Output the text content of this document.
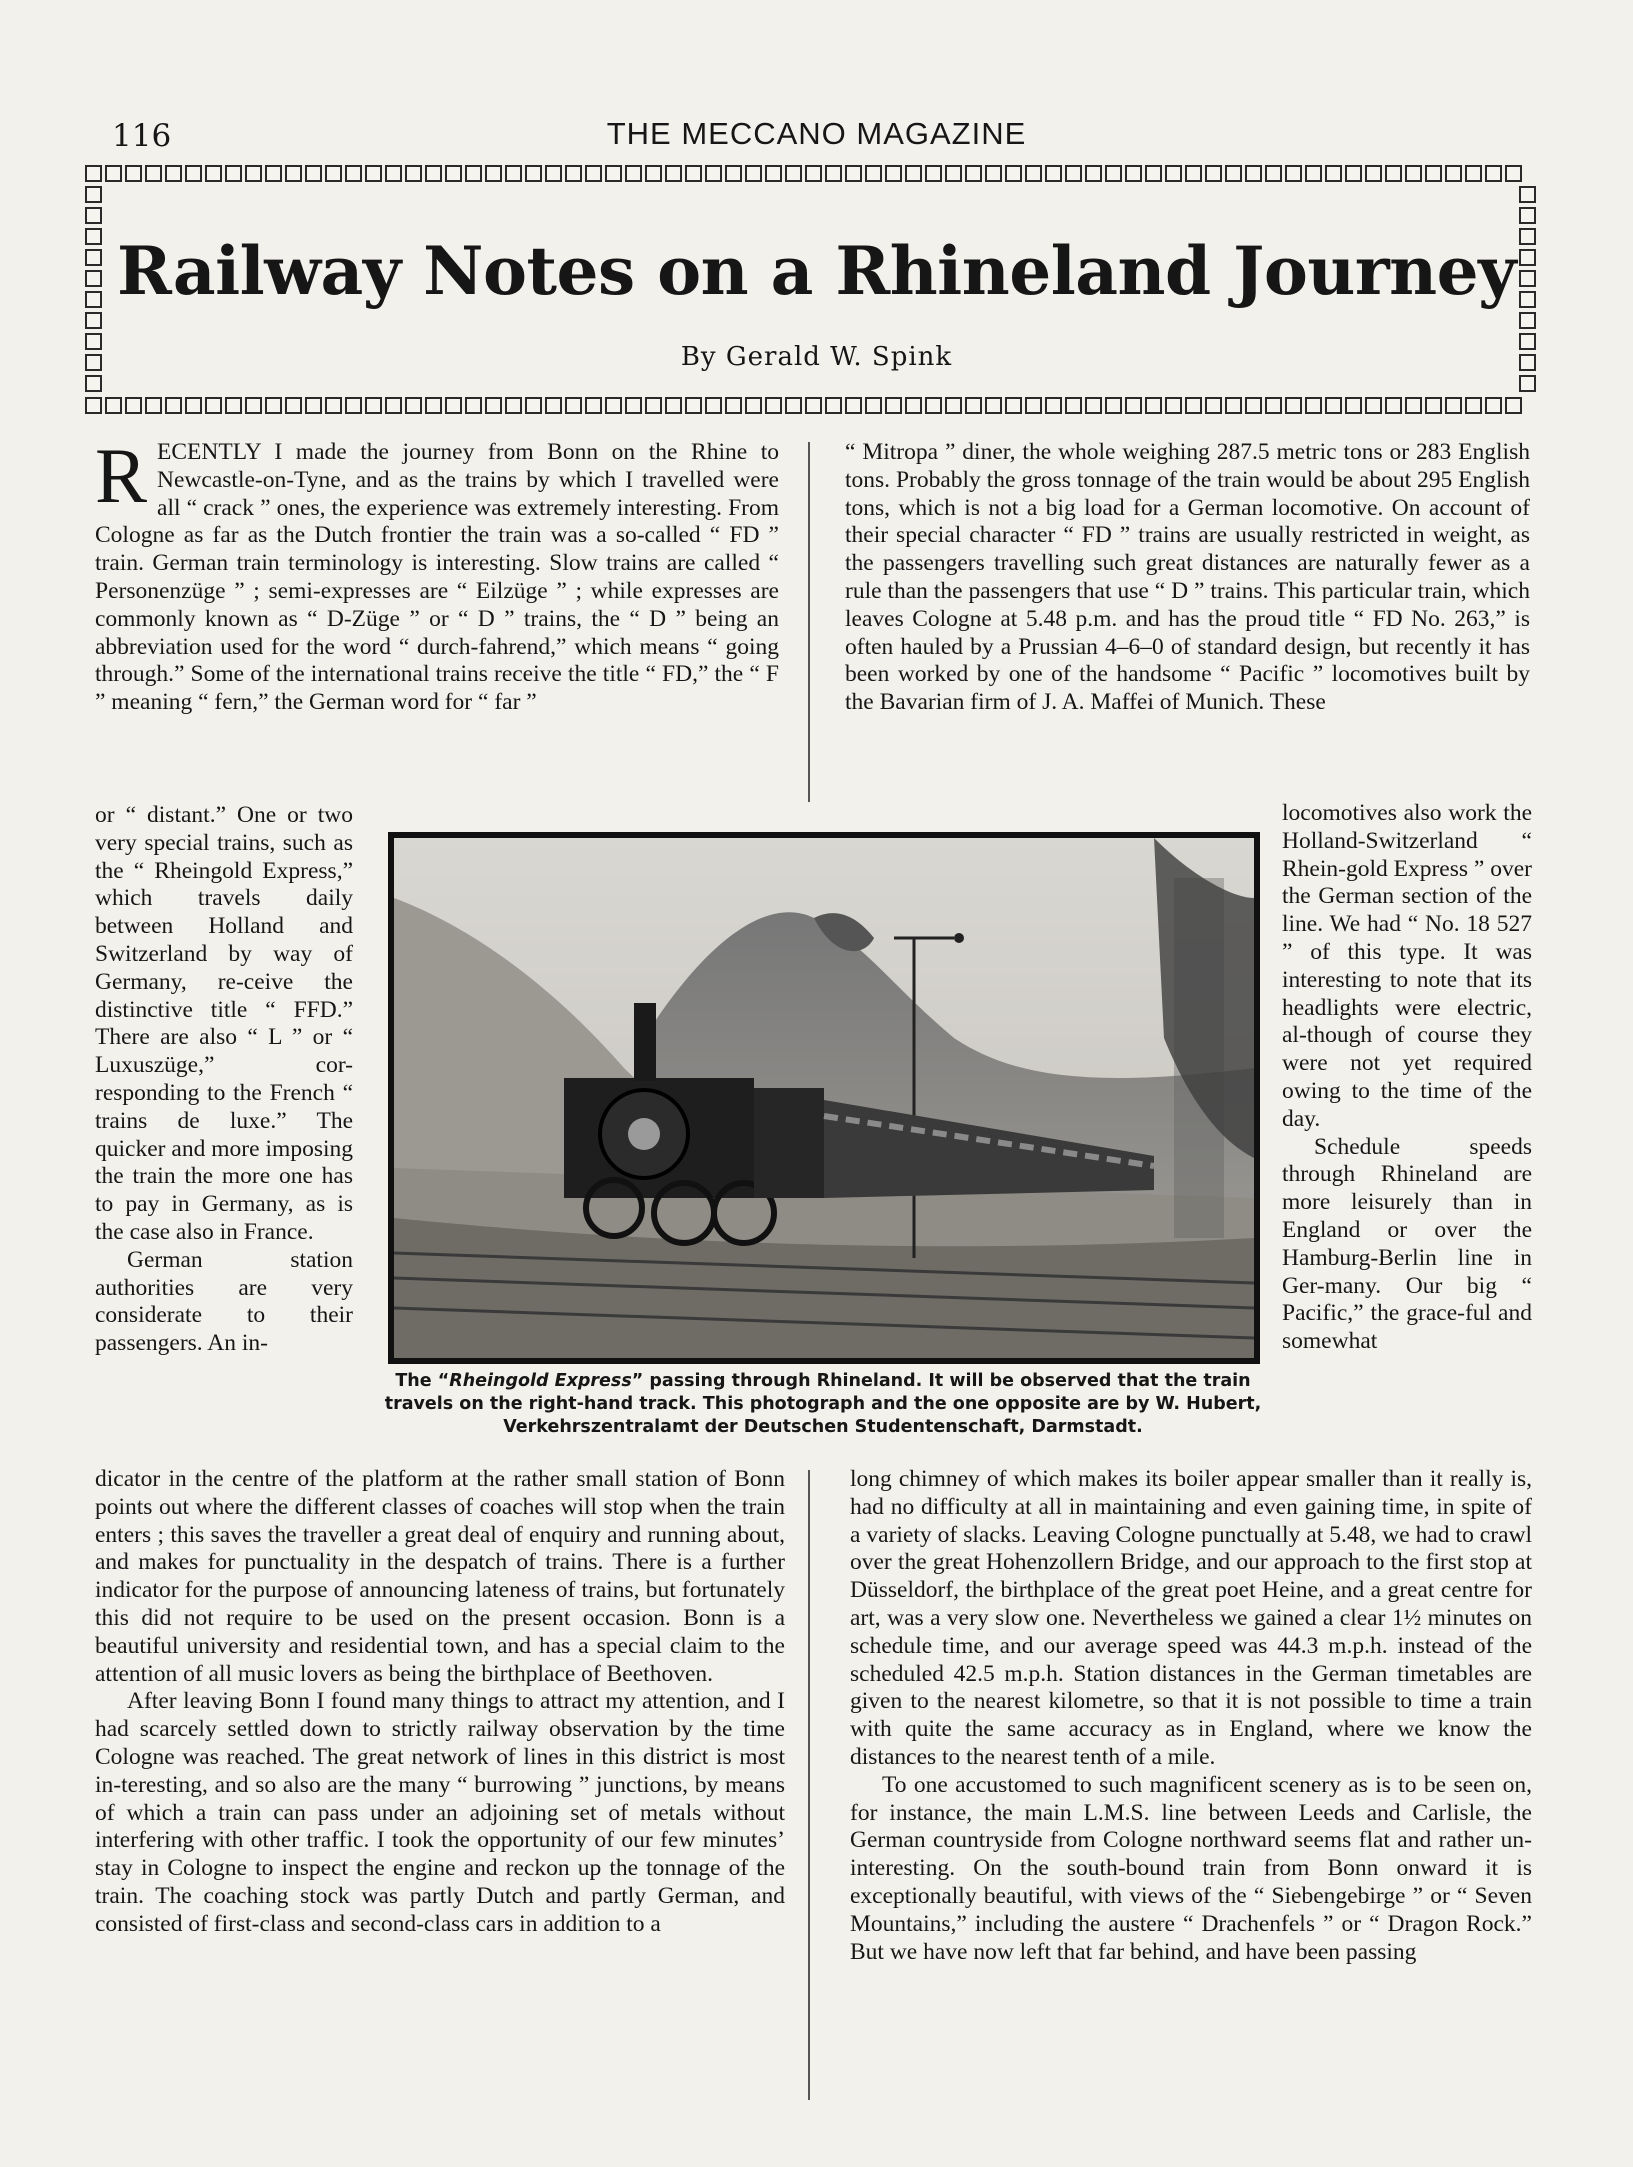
116	THE MECCANO MAGAZINE
Railway Notes on a Rhineland Journey
By Gerald W. Spink

RECENTLY I made the journey from Bonn on the Rhine to Newcastle-on-Tyne, and as the trains by which I travelled were all “ crack ” ones, the experience was extremely interesting. From Cologne as far as the Dutch frontier the train was a so-called “ FD ” train. German train terminology is interesting. Slow trains are called “ Personenzüge ” ; semi-expresses are “ Eilzüge ” ; while expresses are commonly known as “ D-Züge ” or “ D ” trains, the “ D ” being an abbreviation used for the word “ durch-fahrend,” which means “ going through.” Some of the international trains receive the title “ FD,” the “ F ” meaning “ fern,” the German word for “ far ”

or “ distant.” One or two very special trains, such as the “ Rheingold Express,” which travels daily between Holland and Switzerland by way of Germany, re-ceive the distinctive title “ FFD.” There are also “ L ” or “ Luxuszüge,” cor-responding to the French “ trains de luxe.” The quicker and more imposing the train the more one has to pay in Germany, as is the case also in France.

German station authorities are very considerate to their passengers. An in-

dicator in the centre of the platform at the rather small station of Bonn points out where the different classes of coaches will stop when the train enters ; this saves the traveller a great deal of enquiry and running about, and makes for punctuality in the despatch of trains. There is a further indicator for the purpose of announcing lateness of trains, but fortunately this did not require to be used on the present occasion. Bonn is a beautiful university and residential town, and has a special claim to the attention of all music lovers as being the birthplace of Beethoven.

After leaving Bonn I found many things to attract my attention, and I had scarcely settled down to strictly railway observation by the time Cologne was reached. The great network of lines in this district is most in-teresting, and so also are the many “ burrowing ” junctions, by means of which a train can pass under an adjoining set of metals without interfering with other traffic. I took the opportunity of our few minutes’ stay in Cologne to inspect the engine and reckon up the tonnage of the train. The coaching stock was partly Dutch and partly German, and consisted of first-class and second-class cars in addition to a

“ Mitropa ” diner, the whole weighing 287.5 metric tons or 283 English tons. Probably the gross tonnage of the train would be about 295 English tons, which is not a big load for a German locomotive. On account of their special character “ FD ” trains are usually restricted in weight, as the passengers travelling such great distances are naturally fewer as a rule than the passengers that use “ D ” trains. This particular train, which leaves Cologne at 5.48 p.m. and has the proud title “ FD No. 263,” is often hauled by a Prussian 4–6–0 of standard design, but recently it has been worked by one of the handsome “ Pacific ” locomotives built by the Bavarian firm of J. A. Maffei of Munich. These

locomotives also work the Holland-Switzerland “ Rhein-gold Express ” over the German section of the line. We had “ No. 18 527 ” of this type. It was interesting to note that its headlights were electric, al-though of course they were not yet required owing to the time of the day.

Schedule speeds through Rhineland are more leisurely than in England or over the Hamburg-Berlin line in Ger-many. Our big “ Pacific,” the grace-ful and somewhat

long chimney of which makes its boiler appear smaller than it really is, had no difficulty at all in maintaining and even gaining time, in spite of a variety of slacks. Leaving Cologne punctually at 5.48, we had to crawl over the great Hohenzollern Bridge, and our approach to the first stop at Düsseldorf, the birthplace of the great poet Heine, and a great centre for art, was a very slow one. Nevertheless we gained a clear 1½ minutes on schedule time, and our average speed was 44.3 m.p.h. instead of the scheduled 42.5 m.p.h. Station distances in the German timetables are given to the nearest kilometre, so that it is not possible to time a train with quite the same accuracy as in England, where we know the distances to the nearest tenth of a mile.

To one accustomed to such magnificent scenery as is to be seen on, for instance, the main L.M.S. line between Leeds and Carlisle, the German countryside from Cologne northward seems flat and rather un-interesting. On the south-bound train from Bonn onward it is exceptionally beautiful, with views of the “ Siebengebirge ” or “ Seven Mountains,” including the austere “ Drachenfels ” or “ Dragon Rock.” But we have now left that far behind, and have been passing

The “Rheingold Express” passing through Rhineland. It will be observed that the train travels on the right-hand track. This photograph and the one opposite are by W. Hubert, Verkehrszentralamt der Deutschen Studentenschaft, Darmstadt.
